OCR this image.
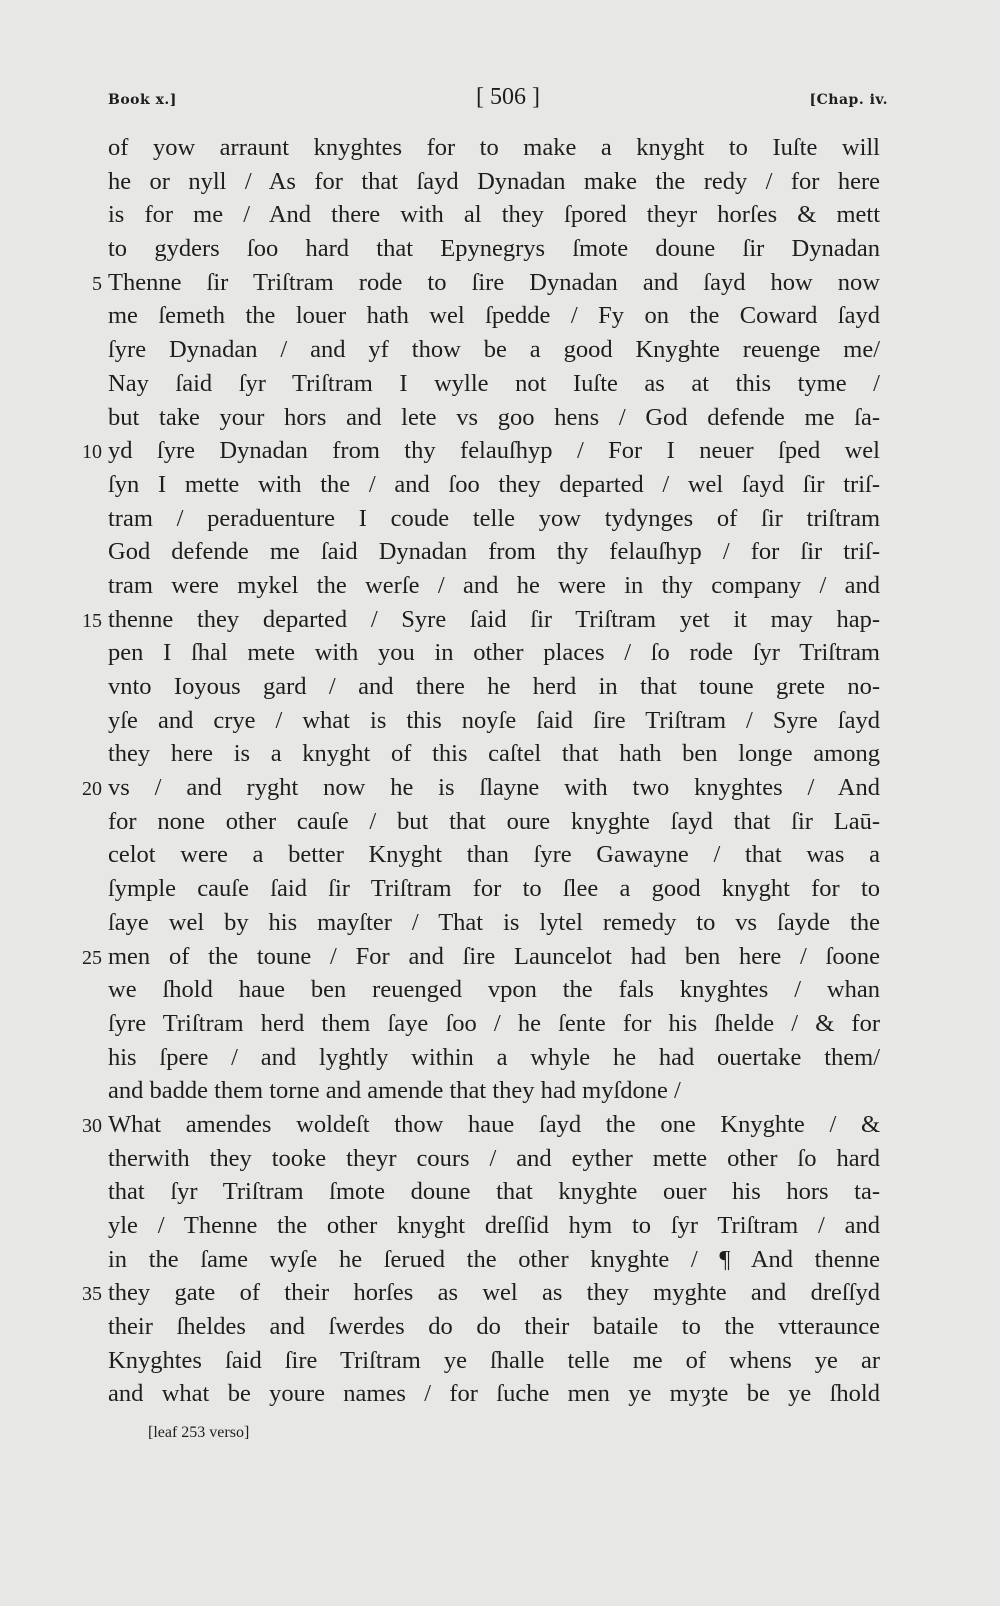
Book x.]	[ 506 ]	[Chap. iv.
of yow arraunt knyghtes for to make a knyght to Iuſte will
he or nyll / As for that ſayd Dynadan make the redy / for here
is for me / And there with al they ſpored theyr horſes & mett
to gyders ſoo hard that Epynegrys ſmote doune ſir Dynadan
5 Thenne ſir Triſtram rode to ſire Dynadan and ſayd how now
me ſemeth the louer hath wel ſpedde / Fy on the Coward ſayd
ſyre Dynadan / and yf thow be a good Knyghte reuenge me/
Nay ſaid ſyr Triſtram I wylle not Iuſte as at this tyme /
but take your hors and lete vs goo hens / God defende me ſa-
10 yd ſyre Dynadan from thy felauſhyp / For I neuer ſped wel
ſyn I mette with the / and ſoo they departed / wel ſayd ſir triſ-
tram / peraduenture I coude telle yow tydynges of ſir triſtram
God defende me ſaid Dynadan from thy felauſhyp / for ſir triſ-
tram were mykel the werſe / and he were in thy company / and
15 thenne they departed / Syre ſaid ſir Triſtram yet it may hap-
pen I ſhal mete with you in other places / ſo rode ſyr Triſtram
vnto Ioyous gard / and there he herd in that toune grete no-
yſe and crye / what is this noyſe ſaid ſire Triſtram / Syre ſayd
they here is a knyght of this caſtel that hath ben longe among
20 vs / and ryght now he is ſlayne with two knyghtes / And
for none other cauſe / but that oure knyghte ſayd that ſir Laū-
celot were a better Knyght than ſyre Gawayne / that was a
ſymple cauſe ſaid ſir Triſtram for to ſlee a good knyght for to
ſaye wel by his mayſter / That is lytel remedy to vs ſayde the
25 men of the toune / For and ſire Launcelot had ben here / ſoone
we ſhold haue ben reuenged vpon the fals knyghtes / whan
ſyre Triſtram herd them ſaye ſoo / he ſente for his ſhelde / & for
his ſpere / and lyghtly within a whyle he had ouertake them/
and badde them torne and amende that they had myſdone /
30 What amendes woldeſt thow haue ſayd the one Knyghte / &
therwith they tooke theyr cours / and eyther mette other ſo hard
that ſyr Triſtram ſmote doune that knyghte ouer his hors ta-
yle / Thenne the other knyght dreſſid hym to ſyr Triſtram / and
in the ſame wyſe he ſerued the other knyghte / ¶ And thenne
35 they gate of their horſes as wel as they myghte and dreſſyd
their ſheldes and ſwerdes do do their bataile to the vtteraunce
Knyghtes ſaid ſire Triſtram ye ſhalle telle me of whens ye ar
and what be youre names / for ſuche men ye myȝte be ye ſhold
[leaf 253 verso]
